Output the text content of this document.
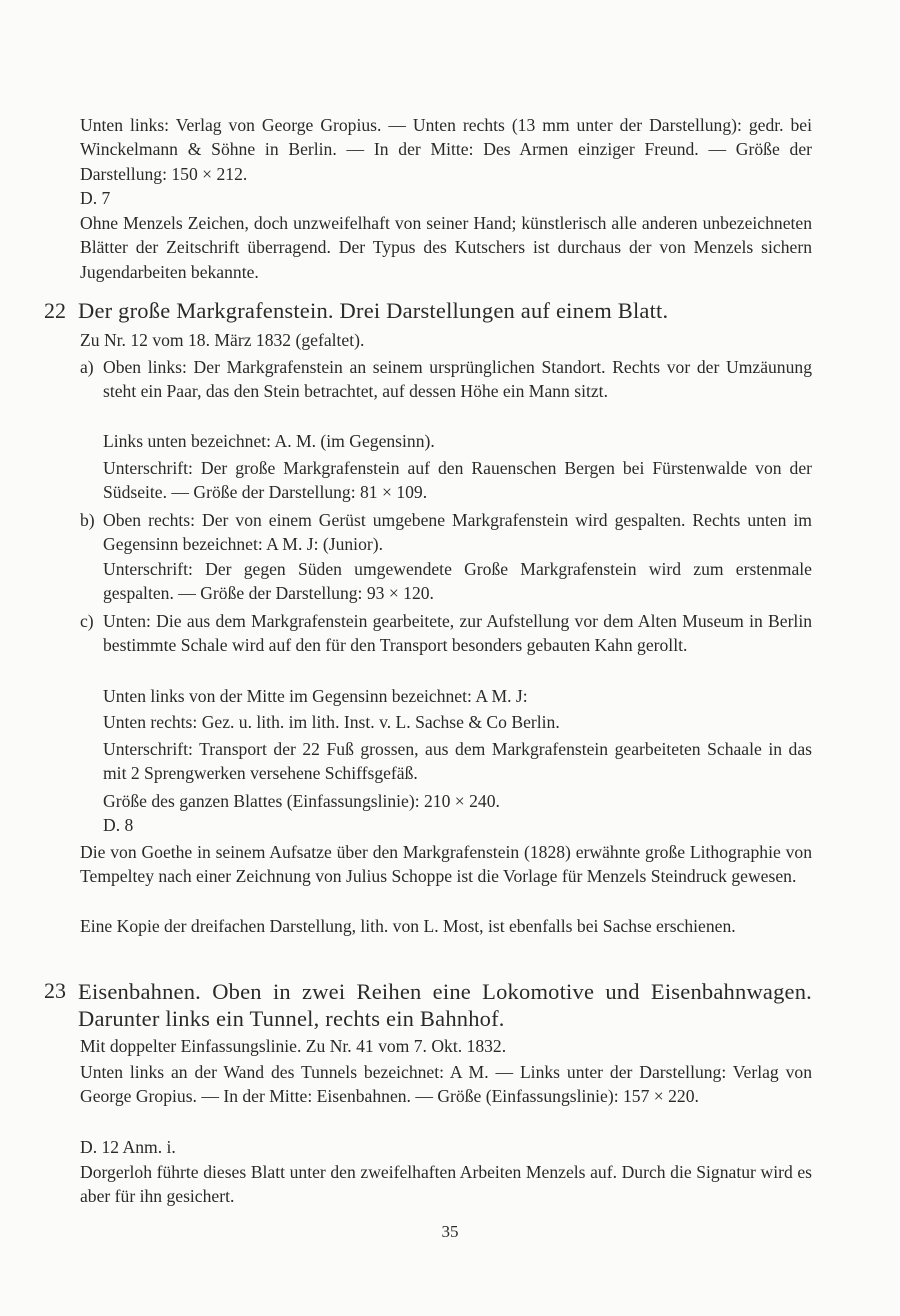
Unten links: Verlag von George Gropius. — Unten rechts (13 mm unter der Darstellung): gedr. bei Winckelmann & Söhne in Berlin. — In der Mitte: Des Armen einziger Freund. — Größe der Darstellung: 150 × 212.

D. 7

Ohne Menzels Zeichen, doch unzweifelhaft von seiner Hand; künstlerisch alle anderen unbezeichneten Blätter der Zeitschrift überragend. Der Typus des Kutschers ist durchaus der von Menzels sichern Jugendarbeiten bekannte.

22 Der große Markgrafenstein. Drei Darstellungen auf einem Blatt.

Zu Nr. 12 vom 18. März 1832 (gefaltet).

a) Oben links: Der Markgrafenstein an seinem ursprünglichen Standort. Rechts vor der Umzäunung steht ein Paar, das den Stein betrachtet, auf dessen Höhe ein Mann sitzt.

Links unten bezeichnet: A. M. (im Gegensinn).

Unterschrift: Der große Markgrafenstein auf den Rauenschen Bergen bei Fürstenwalde von der Südseite. — Größe der Darstellung: 81 × 109.

b) Oben rechts: Der von einem Gerüst umgebene Markgrafenstein wird gespalten. Rechts unten im Gegensinn bezeichnet: A M. J: (Junior).

Unterschrift: Der gegen Süden umgewendete Große Markgrafenstein wird zum erstenmale gespalten. — Größe der Darstellung: 93 × 120.

c) Unten: Die aus dem Markgrafenstein gearbeitete, zur Aufstellung vor dem Alten Museum in Berlin bestimmte Schale wird auf den für den Transport besonders gebauten Kahn gerollt.

Unten links von der Mitte im Gegensinn bezeichnet: A M. J:

Unten rechts: Gez. u. lith. im lith. Inst. v. L. Sachse & Co Berlin.

Unterschrift: Transport der 22 Fuß grossen, aus dem Markgrafenstein gearbeiteten Schaale in das mit 2 Sprengwerken versehene Schiffsgefäß.

Größe des ganzen Blattes (Einfassungslinie): 210 × 240.

D. 8

Die von Goethe in seinem Aufsatze über den Markgrafenstein (1828) erwähnte große Lithographie von Tempeltey nach einer Zeichnung von Julius Schoppe ist die Vorlage für Menzels Steindruck gewesen.

Eine Kopie der dreifachen Darstellung, lith. von L. Most, ist ebenfalls bei Sachse erschienen.

23 Eisenbahnen. Oben in zwei Reihen eine Lokomotive und Eisenbahnwagen. Darunter links ein Tunnel, rechts ein Bahnhof.

Mit doppelter Einfassungslinie. Zu Nr. 41 vom 7. Okt. 1832.

Unten links an der Wand des Tunnels bezeichnet: A M. — Links unter der Darstellung: Verlag von George Gropius. — In der Mitte: Eisenbahnen. — Größe (Einfassungslinie): 157 × 220.

D. 12 Anm. i.

Dorgerloh führte dieses Blatt unter den zweifelhaften Arbeiten Menzels auf. Durch die Signatur wird es aber für ihn gesichert.

35
